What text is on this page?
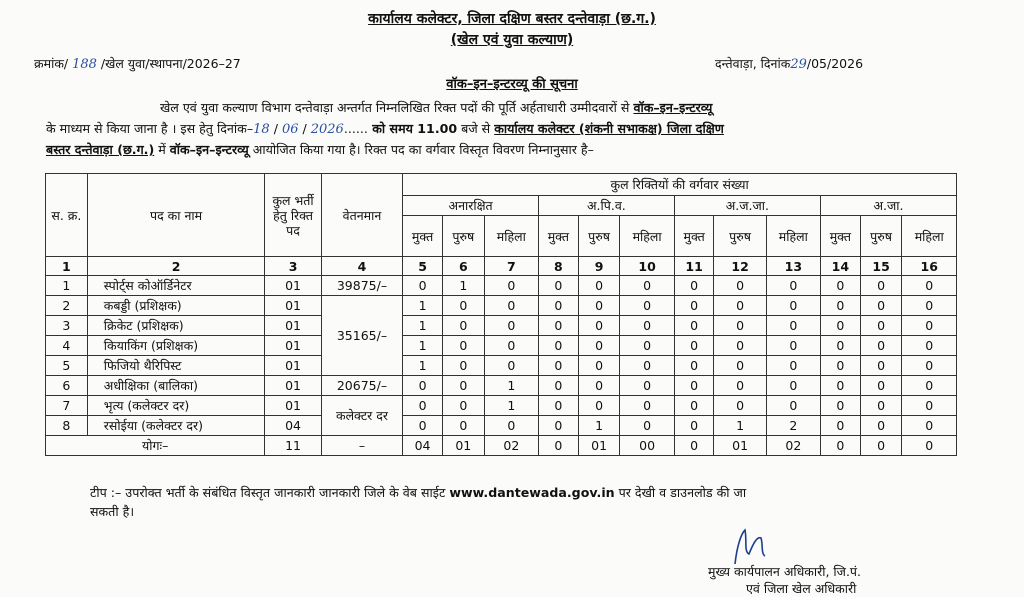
कार्यालय कलेक्टर, जिला दक्षिण बस्तर दन्तेवाड़ा (छ.ग.)
(खेल एवं युवा कल्याण)
क्रमांक/ 188 /खेल युवा/स्थापना/2026–27	दन्तेवाड़ा, दिनांक29/05/2026
वॉक–इन–इन्टरव्यू की सूचना
खेल एवं युवा कल्याण विभाग दन्तेवाड़ा अन्तर्गत निम्नलिखित रिक्त पदों की पूर्ति अर्हताधारी उम्मीदवारों से वॉक–इन–इन्टरव्यू
के माध्यम से किया जाना है । इस हेतु दिनांक–18 / 06 / 2026...... को समय 11.00 बजे से कार्यालय कलेक्टर (शंकनी सभाकक्ष) जिला दक्षिण
बस्तर दन्तेवाड़ा (छ.ग.) में वॉक–इन–इन्टरव्यू आयोजित किया गया है। रिक्त पद का वर्गवार विस्तृत विवरण निम्नानुसार है–
स. क्र.	पद का नाम	कुल भर्ती हेतु रिक्त पद	वेतनमान	कुल रिक्तियों की वर्गवार संख्या											
				अनारक्षित			अ.पि.व.			अ.ज.जा.			अ.जा.		
				मुक्त	पुरुष	महिला	मुक्त	पुरुष	महिला	मुक्त	पुरुष	महिला	मुक्त	पुरुष	महिला
1	2	3	4	5	6	7	8	9	10	11	12	13	14	15	16
1	स्पोर्ट्स कोऑर्डिनेटर	01	39875/–	0	1	0	0	0	0	0	0	0	0	0	0
2	कबड्डी (प्रशिक्षक)	01	35165/–	1	0	0	0	0	0	0	0	0	0	0	0
3	क्रिकेट (प्रशिक्षक)	01		1	0	0	0	0	0	0	0	0	0	0	0
4	कियाकिंग (प्रशिक्षक)	01		1	0	0	0	0	0	0	0	0	0	0	0
5	फिजियो थैरिपिस्ट	01		1	0	0	0	0	0	0	0	0	0	0	0
6	अधीक्षिका (बालिका)	01	20675/–	0	0	1	0	0	0	0	0	0	0	0	0
7	भृत्य (कलेक्टर दर)	01	कलेक्टर दर	0	0	1	0	0	0	0	0	0	0	0	0
8	रसोईया (कलेक्टर दर)	04		0	0	0	0	1	0	0	1	2	0	0	0
योगः–		11	–	04	01	02	0	01	00	0	01	02	0	0	0
टीप :– उपरोक्त भर्ती के संबंधित विस्तृत जानकारी जानकारी जिले के वेब साईट www.dantewada.gov.in पर देखी व डाउनलोड की जा
सकती है।
मुख्य कार्यपालन अधिकारी, जि.पं.
एवं जिला खेल अधिकारी
